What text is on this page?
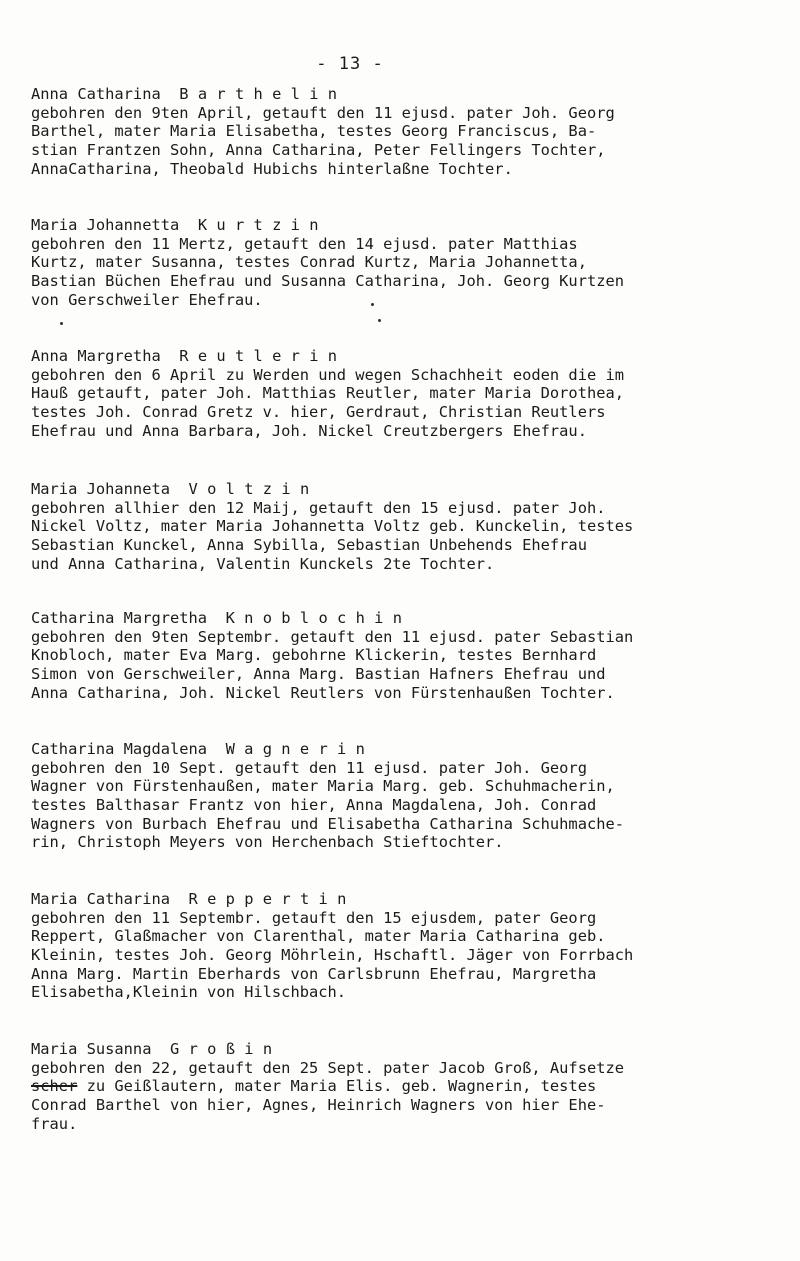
- 13 -

Anna Catharina Barthelin

gebohren den 9ten April, getauft den 11 ejusd. pater Joh. Georg

Barthel, mater Maria Elisabetha, testes Georg Franciscus, Ba-

stian Frantzen Sohn, Anna Catharina, Peter Fellingers Tochter,

AnnaCatharina, Theobald Hubichs hinterlaßne Tochter.

Maria Johannetta Kurtzin

gebohren den 11 Mertz, getauft den 14 ejusd. pater Matthias

Kurtz, mater Susanna, testes Conrad Kurtz, Maria Johannetta,

Bastian Büchen Ehefrau und Susanna Catharina, Joh. Georg Kurtzen

von Gerschweiler Ehefrau.

Anna Margretha Reutlerin

gebohren den 6 April zu Werden und wegen Schachheit eoden die im

Hauß getauft, pater Joh. Matthias Reutler, mater Maria Dorothea,

testes Joh. Conrad Gretz v. hier, Gerdraut, Christian Reutlers

Ehefrau und Anna Barbara, Joh. Nickel Creutzbergers Ehefrau.

Maria Johanneta Voltzin

gebohren allhier den 12 Maij, getauft den 15 ejusd. pater Joh.

Nickel Voltz, mater Maria Johannetta Voltz geb. Kunckelin, testes

Sebastian Kunckel, Anna Sybilla, Sebastian Unbehends Ehefrau

und Anna Catharina, Valentin Kunckels 2te Tochter.

Catharina Margretha Knoblochin

gebohren den 9ten Septembr. getauft den 11 ejusd. pater Sebastian

Knobloch, mater Eva Marg. gebohrne Klickerin, testes Bernhard

Simon von Gerschweiler, Anna Marg. Bastian Hafners Ehefrau und

Anna Catharina, Joh. Nickel Reutlers von Fürstenhaußen Tochter.

Catharina Magdalena Wagnerin

gebohren den 10 Sept. getauft den 11 ejusd. pater Joh. Georg

Wagner von Fürstenhaußen, mater Maria Marg. geb. Schuhmacherin,

testes Balthasar Frantz von hier, Anna Magdalena, Joh. Conrad

Wagners von Burbach Ehefrau und Elisabetha Catharina Schuhmache-

rin, Christoph Meyers von Herchenbach Stieftochter.

Maria Catharina Reppertin

gebohren den 11 Septembr. getauft den 15 ejusdem, pater Georg

Reppert, Glaßmacher von Clarenthal, mater Maria Catharina geb.

Kleinin, testes Joh. Georg Möhrlein, Hschaftl. Jäger von Forrbach

Anna Marg. Martin Eberhards von Carlsbrunn Ehefrau, Margretha

Elisabetha,Kleinin von Hilschbach.

Maria Susanna Großin

gebohren den 22, getauft den 25 Sept. pater Jacob Groß, Aufsetze

scher zu Geißlautern, mater Maria Elis. geb. Wagnerin, testes

Conrad Barthel von hier, Agnes, Heinrich Wagners von hier Ehe-

frau.
